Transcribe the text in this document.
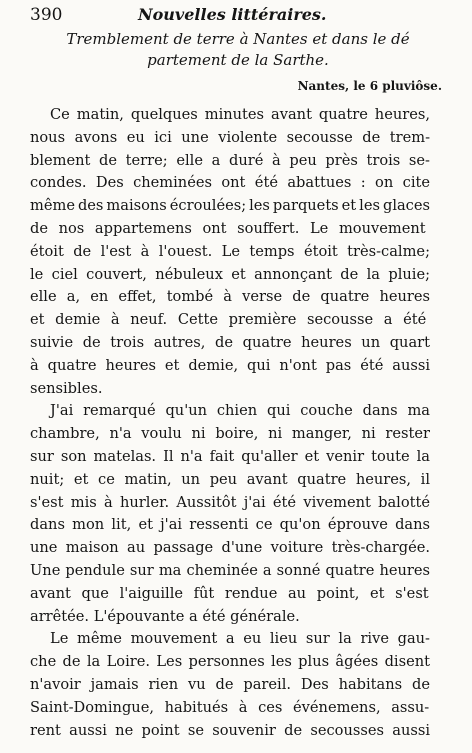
390	Nouvelles littéraires.
Tremblement de terre à Nantes et dans le dé
partement de la Sarthe.
Nantes, le 6 pluviôse.
Ce matin, quelques minutes avant quatre heures,
nous avons eu ici une violente secousse de trem-
blement de terre; elle a duré à peu près trois se-
condes. Des cheminées ont été abattues : on cite
même des maisons écroulées; les parquets et les glaces
de nos appartemens ont souffert. Le mouvement
étoit de l'est à l'ouest. Le temps étoit très-calme;
le ciel couvert, nébuleux et annonçant de la pluie;
elle a, en effet, tombé à verse de quatre heures
et demie à neuf. Cette première secousse a été
suivie de trois autres, de quatre heures un quart
à quatre heures et demie, qui n'ont pas été aussi
sensibles.
J'ai remarqué qu'un chien qui couche dans ma
chambre, n'a voulu ni boire, ni manger, ni rester
sur son matelas. Il n'a fait qu'aller et venir toute la
nuit; et ce matin, un peu avant quatre heures, il
s'est mis à hurler. Aussitôt j'ai été vivement balotté
dans mon lit, et j'ai ressenti ce qu'on éprouve dans
une maison au passage d'une voiture très-chargée.
Une pendule sur ma cheminée a sonné quatre heures
avant que l'aiguille fût rendue au point, et s'est
arrêtée. L'épouvante a été générale.
Le même mouvement a eu lieu sur la rive gau-
che de la Loire. Les personnes les plus âgées disent
n'avoir jamais rien vu de pareil. Des habitans de
Saint-Domingue, habitués à ces événemens, assu-
rent aussi ne point se souvenir de secousses aussi
